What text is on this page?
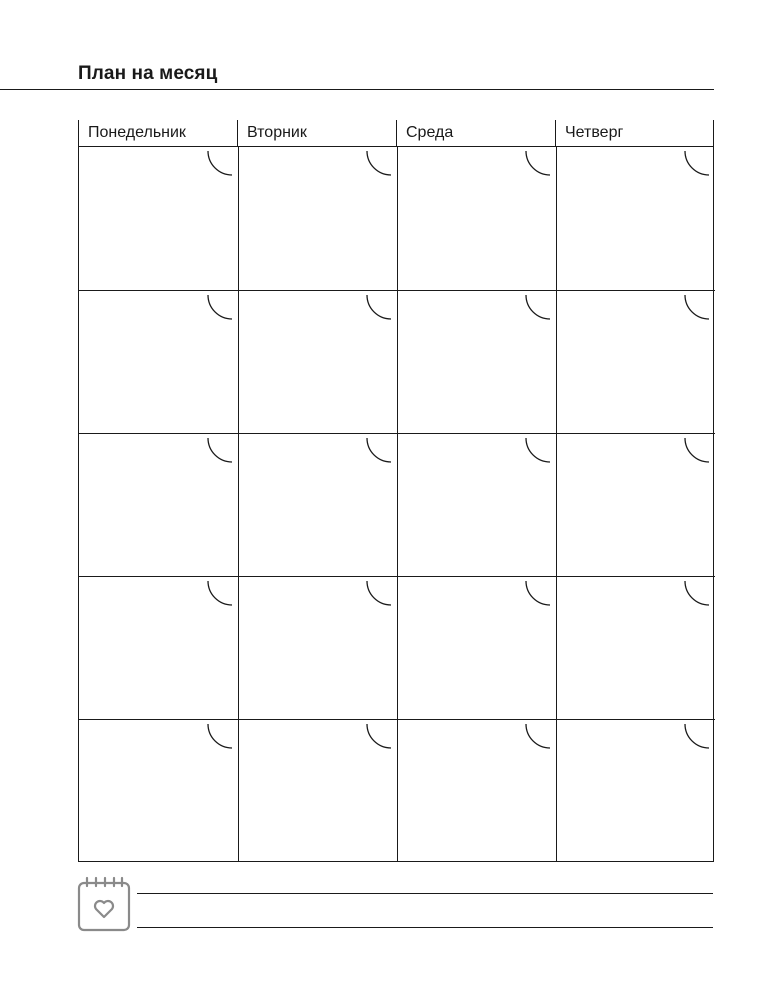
План на месяц
Понедельник	Вторник	Среда	Четверг
